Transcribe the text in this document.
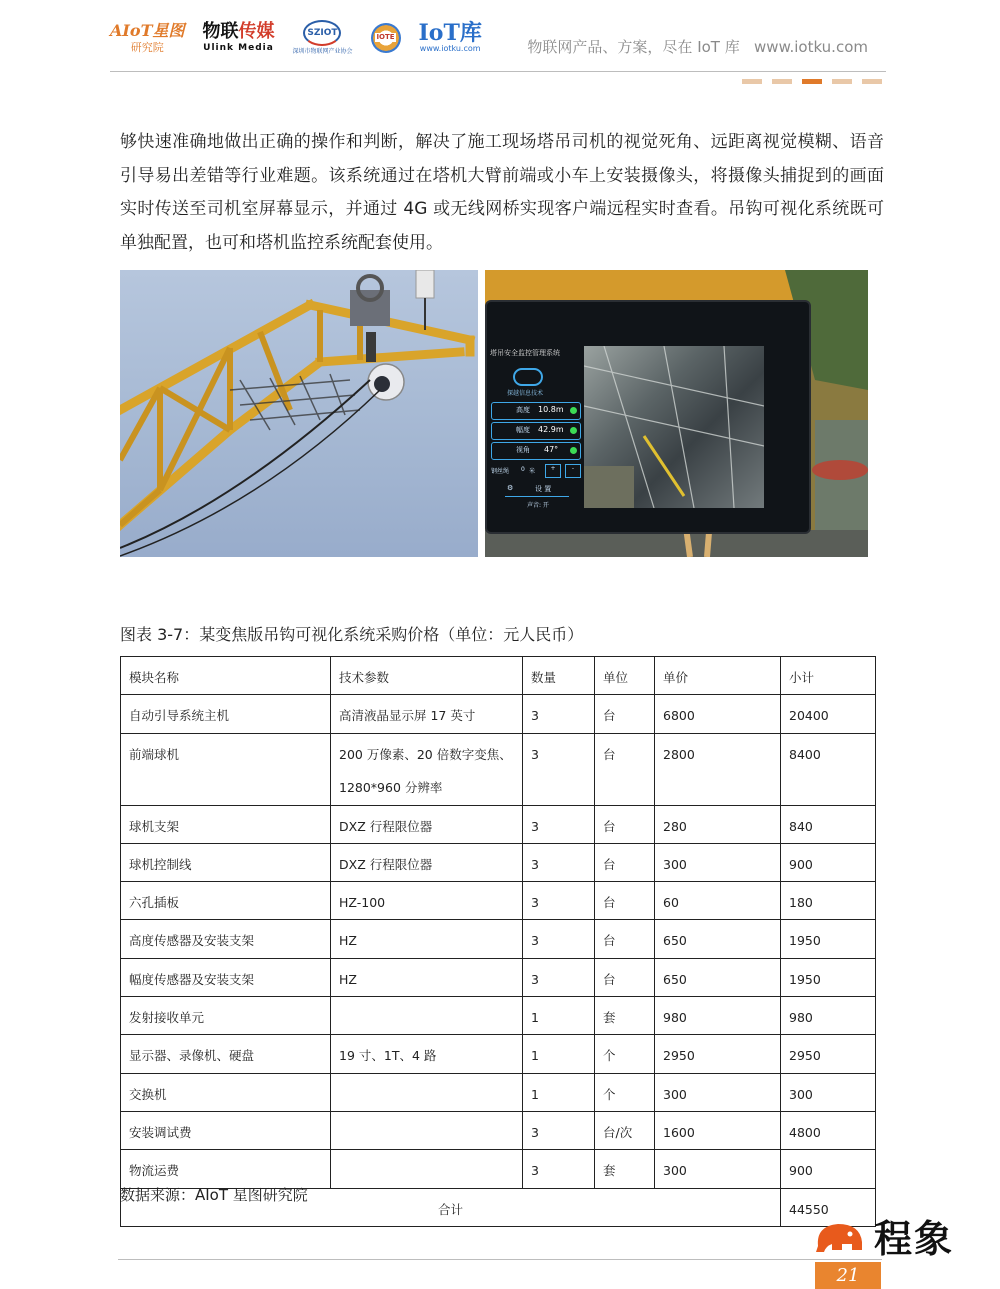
AIoT星图
研究院
物联传媒
Ulink Media
SZIOT
深圳市物联网产业协会
IOTE IoT库
www.iotku.com	物联网产品、方案，尽在 IoT 库   www.iotku.com
够快速准确地做出正确的操作和判断，解决了施工现场塔吊司机的视觉死角、远距离视觉模糊、语音引导易出差错等行业难题。该系统通过在塔机大臂前端或小车上安装摄像头，将摄像头捕捉到的画面实时传送至司机室屏幕显示，并通过 4G 或无线网桥实现客户端远程实时查看。吊钩可视化系统既可单独配置，也可和塔机监控系统配套使用。
塔吊安全监控管理系统
探越信息技术
高度 10.8m
幅度 42.9m
视角 47°
钢丝绳 0 米	+	-
⚙	设 置
声音: 开
图表 3-7：某变焦版吊钩可视化系统采购价格（单位：元人民币）
模块名称	技术参数	数量	单位	单价	小计
自动引导系统主机	高清液晶显示屏 17 英寸	3	台	6800	20400
前端球机	200 万像素、20 倍数字变焦、
1280*960 分辨率	3	台	2800	8400
球机支架	DXZ 行程限位器	3	台	280	840
球机控制线	DXZ 行程限位器	3	台	300	900
六孔插板	HZ-100	3	台	60	180
高度传感器及安装支架	HZ	3	台	650	1950
幅度传感器及安装支架	HZ	3	台	650	1950
发射接收单元		1	套	980	980
显示器、录像机、硬盘	19 寸、1T、4 路	1	个	2950	2950
交换机		1	个	300	300
安装调试费		3	台/次	1600	4800
物流运费		3	套	300	900
合计					44550
数据来源：AIoT 星图研究院
程象
21
